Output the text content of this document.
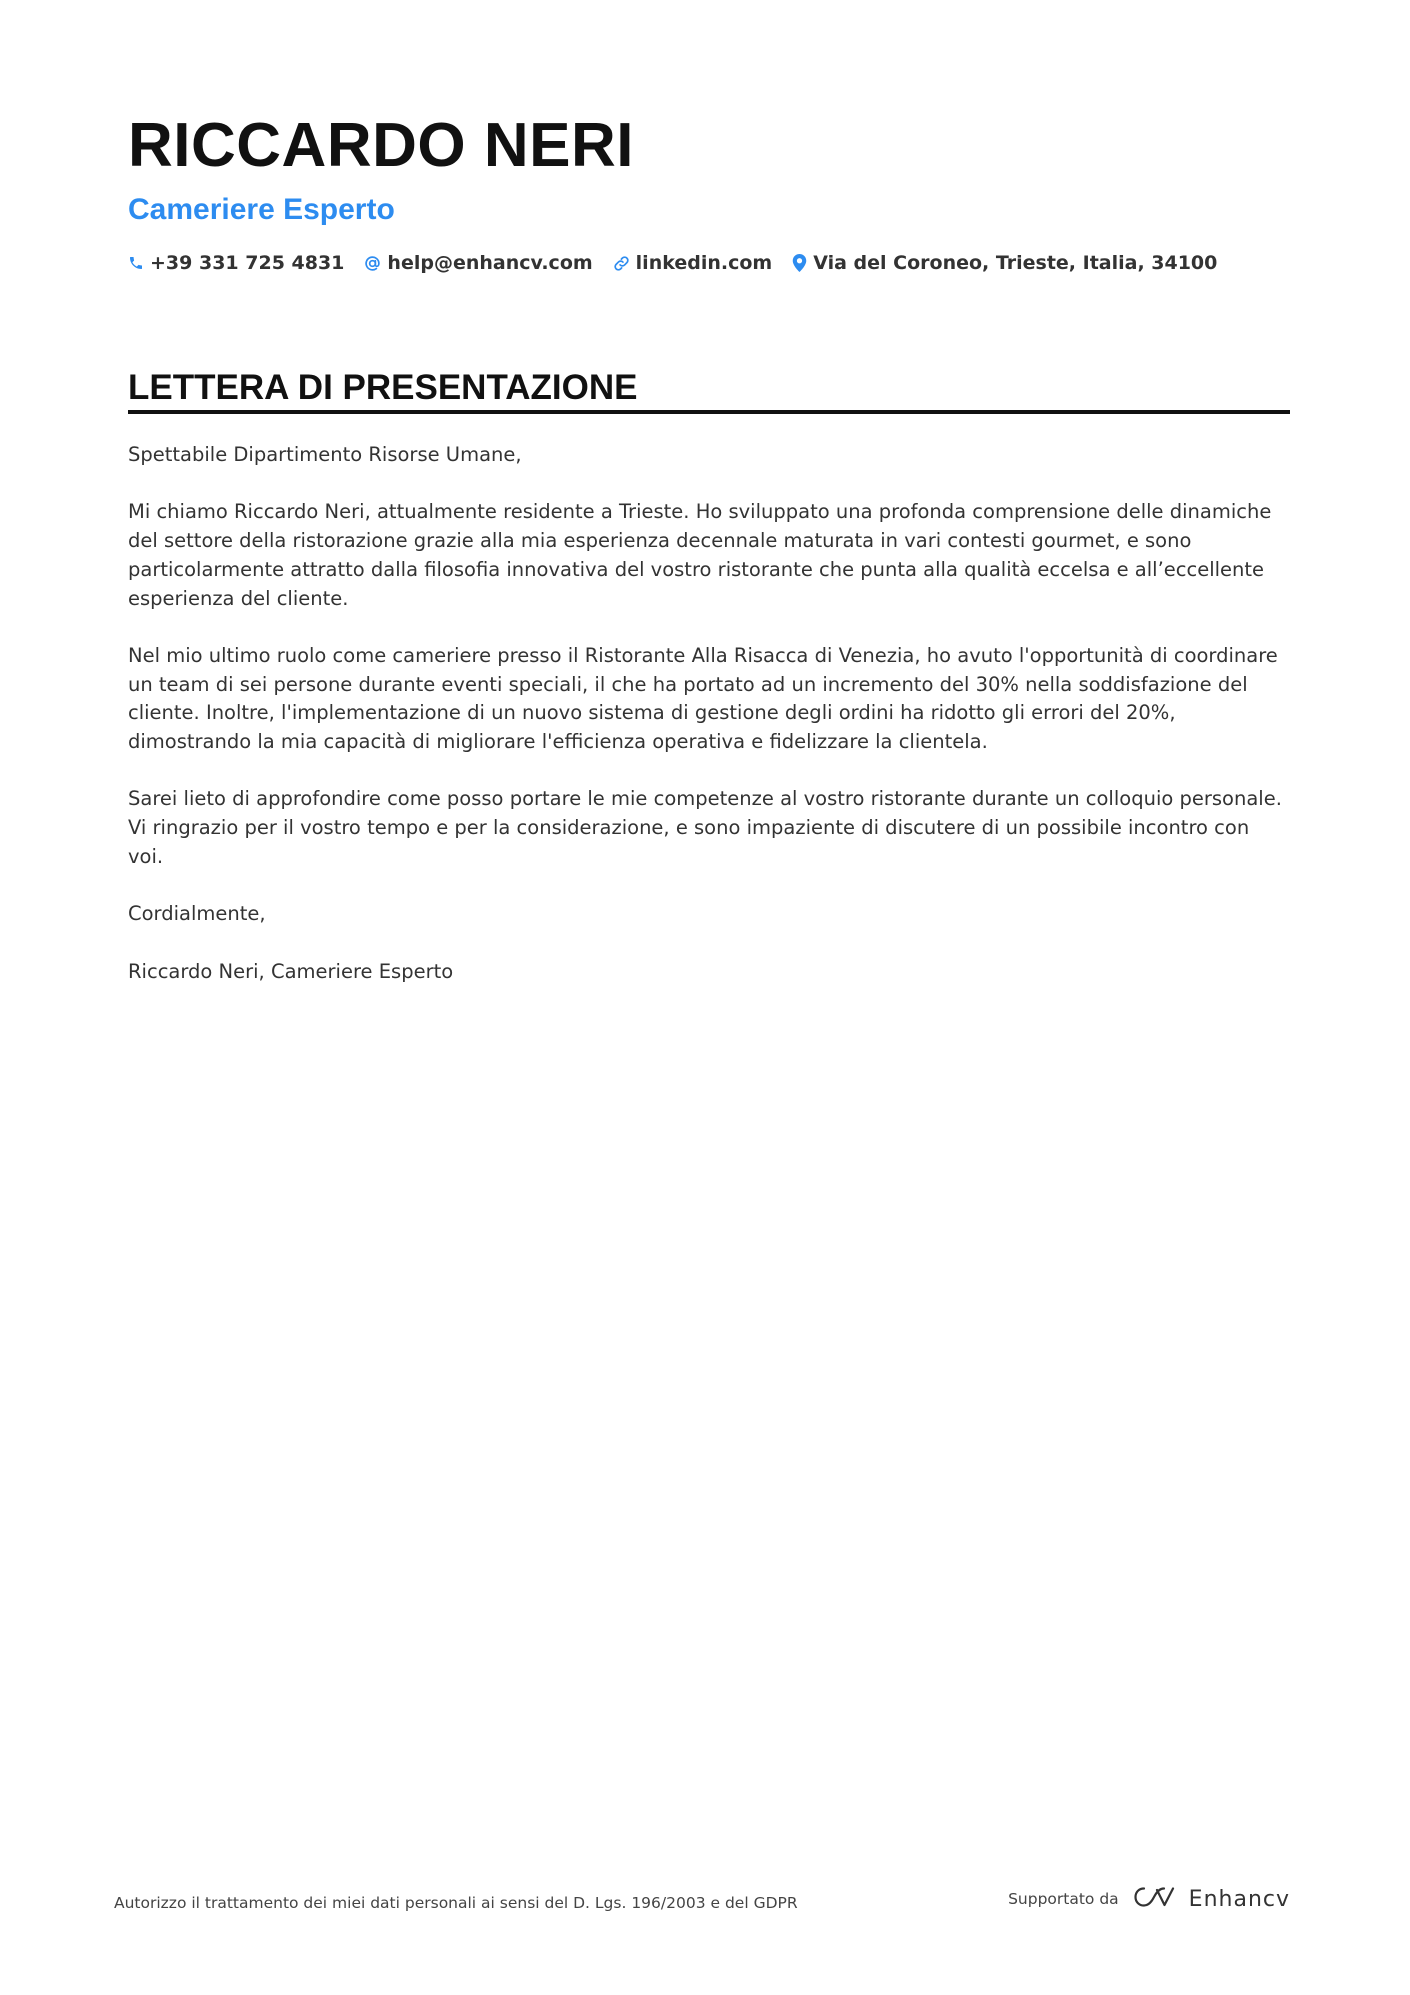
RICCARDO NERI
Cameriere Esperto
+39 331 725 4831 help@enhancv.com linkedin.com Via del Coroneo, Trieste, Italia, 34100
LETTERA DI PRESENTAZIONE

Spettabile Dipartimento Risorse Umane,

Mi chiamo Riccardo Neri, attualmente residente a Trieste. Ho sviluppato una profonda comprensione delle dinamiche del settore della ristorazione grazie alla mia esperienza decennale maturata in vari contesti gourmet, e sono particolarmente attratto dalla filosofia innovativa del vostro ristorante che punta alla qualità eccelsa e all’eccellente esperienza del cliente.

Nel mio ultimo ruolo come cameriere presso il Ristorante Alla Risacca di Venezia, ho avuto l'opportunità di coordinare un team di sei persone durante eventi speciali, il che ha portato ad un incremento del 30% nella soddisfazione del cliente. Inoltre, l'implementazione di un nuovo sistema di gestione degli ordini ha ridotto gli errori del 20%, dimostrando la mia capacità di migliorare l'efficienza operativa e fidelizzare la clientela.

Sarei lieto di approfondire come posso portare le mie competenze al vostro ristorante durante un colloquio personale. Vi ringrazio per il vostro tempo e per la considerazione, e sono impaziente di discutere di un possibile incontro con voi.

Cordialmente,

Riccardo Neri, Cameriere Esperto

Autorizzo il trattamento dei miei dati personali ai sensi del D. Lgs. 196/2003 e del GDPR	Supportato da	Enhancv
